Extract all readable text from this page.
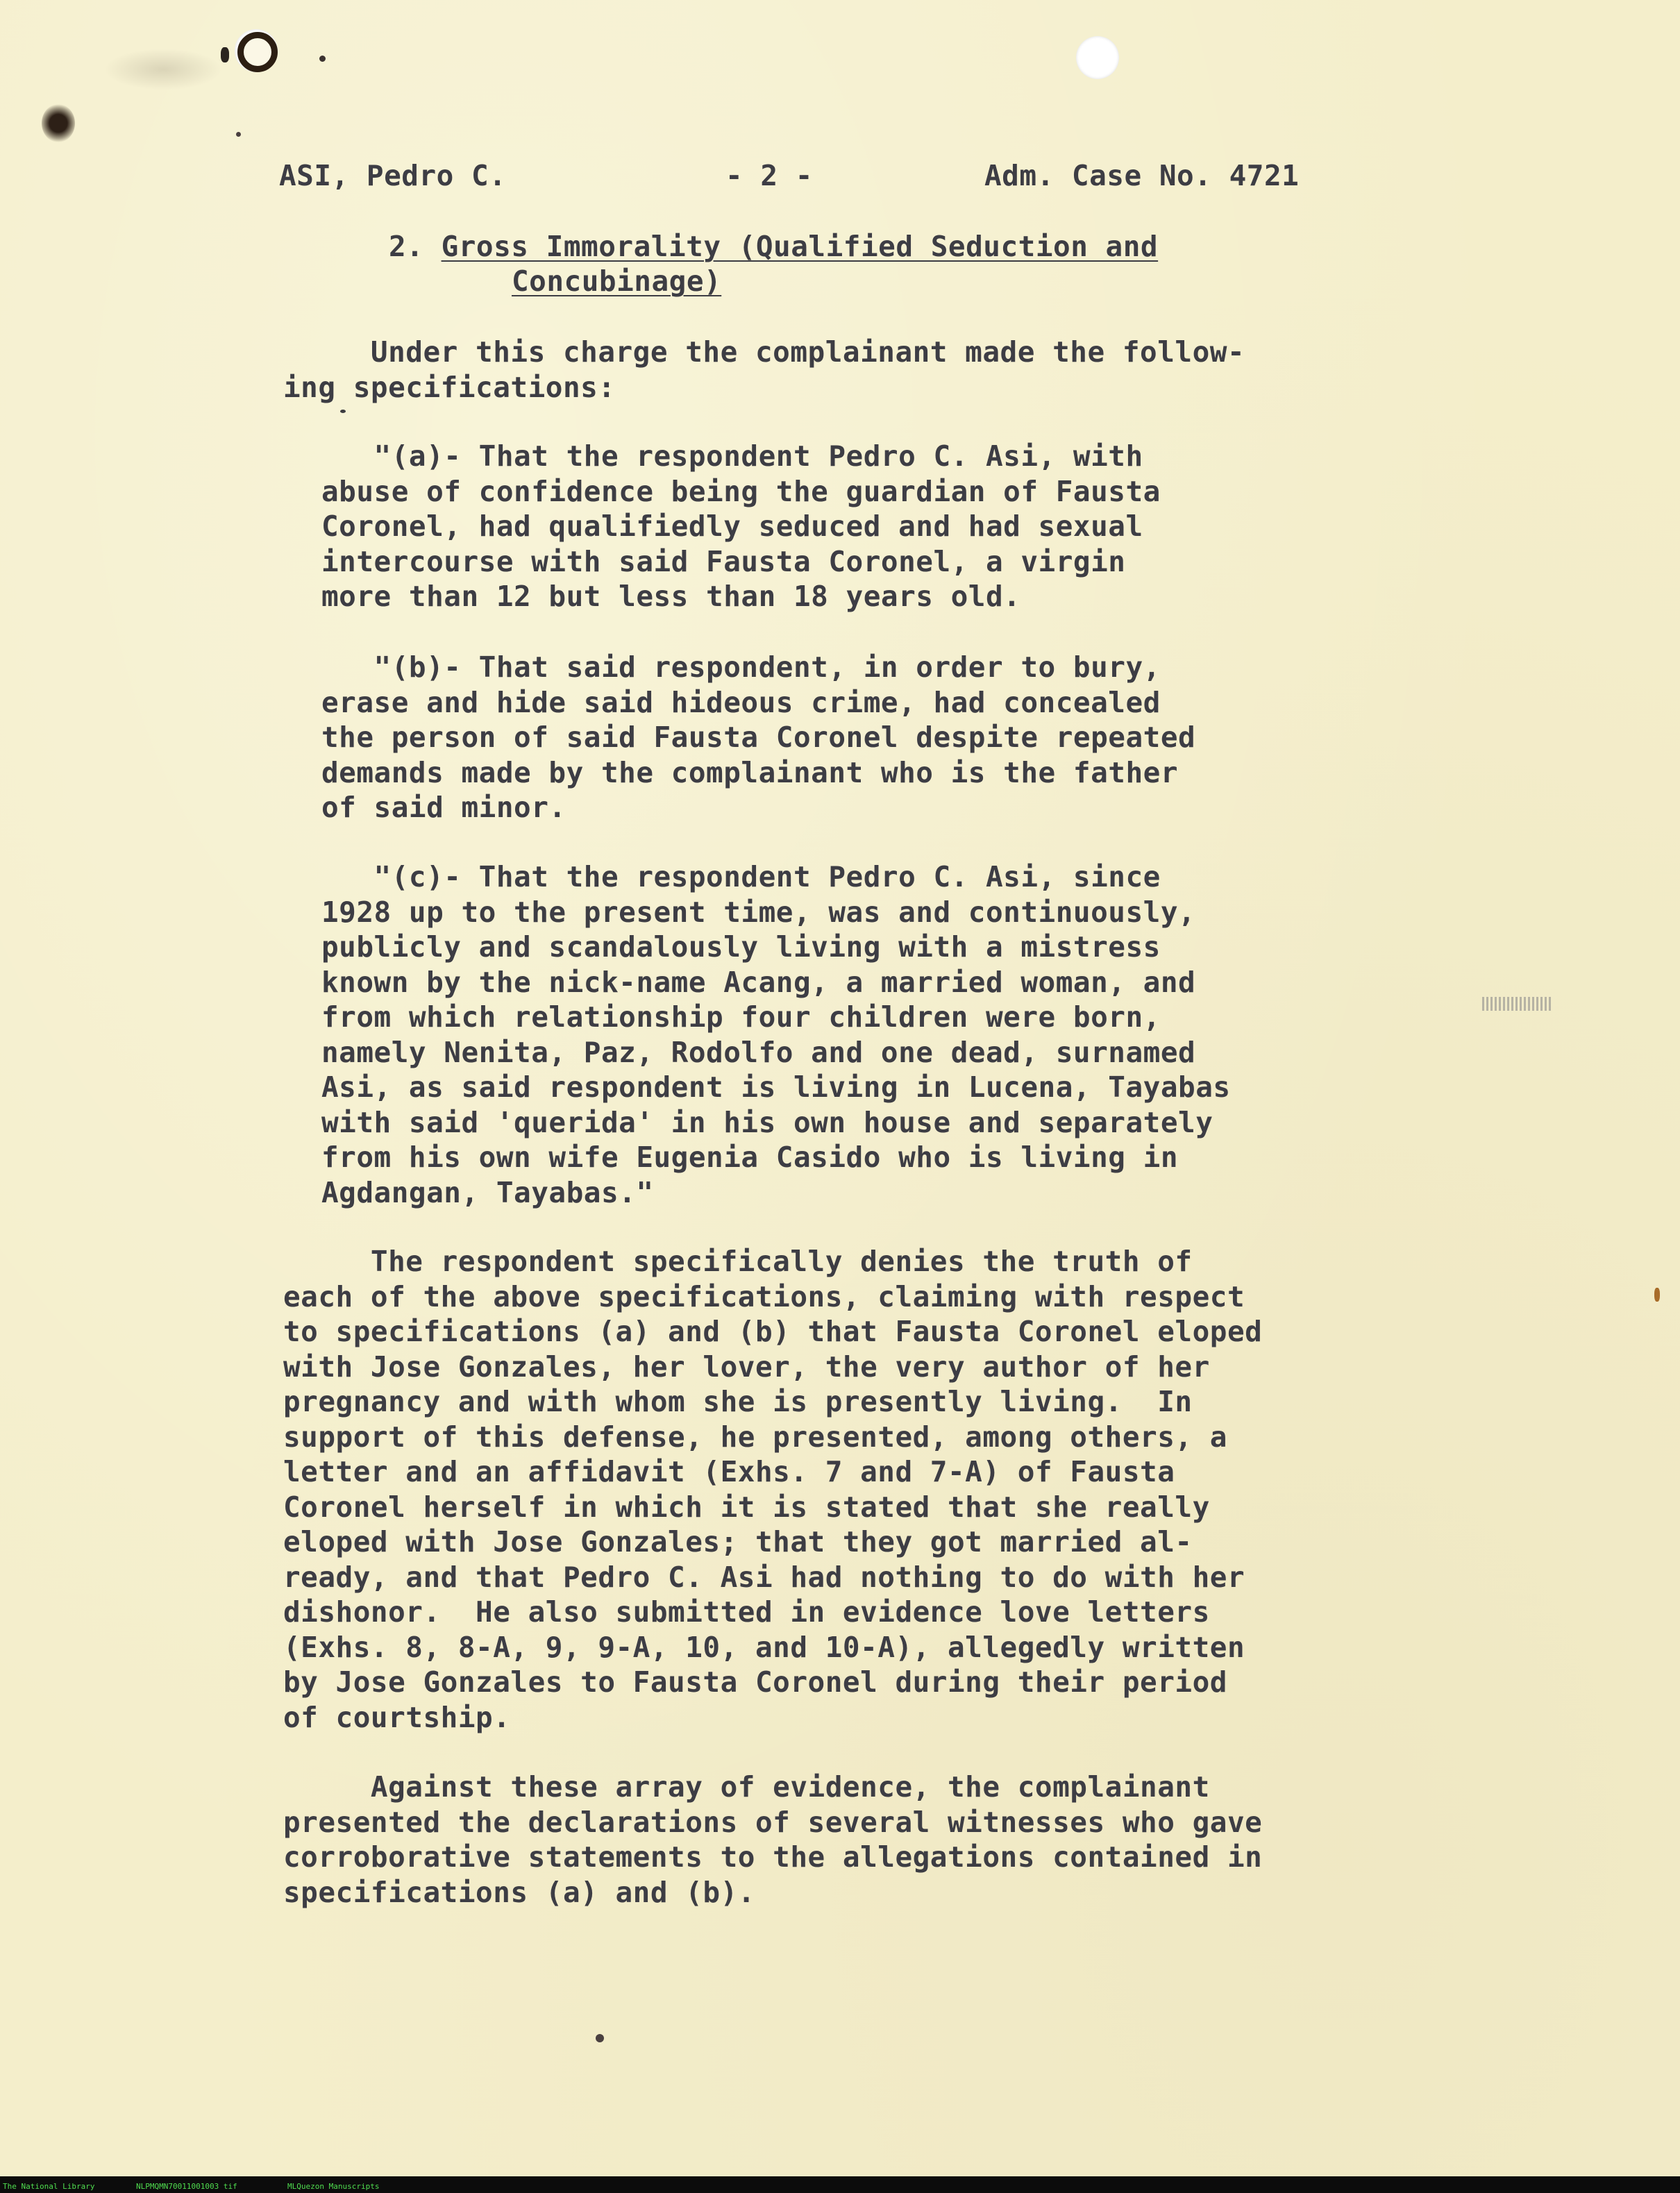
ASI, Pedro C.	- 2 -	Adm. Case No. 4721

2. Gross Immorality (Qualified Seduction and

Concubinage)

Under this charge the complainant made the follow-
ing specifications:

"(a)- That the respondent Pedro C. Asi, with
abuse of confidence being the guardian of Fausta
Coronel, had qualifiedly seduced and had sexual
intercourse with said Fausta Coronel, a virgin
more than 12 but less than 18 years old.

"(b)- That said respondent, in order to bury,
erase and hide said hideous crime, had concealed
the person of said Fausta Coronel despite repeated
demands made by the complainant who is the father
of said minor.

"(c)- That the respondent Pedro C. Asi, since
1928 up to the present time, was and continuously,
publicly and scandalously living with a mistress
known by the nick-name Acang, a married woman, and
from which relationship four children were born,
namely Nenita, Paz, Rodolfo and one dead, surnamed
Asi, as said respondent is living in Lucena, Tayabas
with said 'querida' in his own house and separately
from his own wife Eugenia Casido who is living in
Agdangan, Tayabas."

The respondent specifically denies the truth of
each of the above specifications, claiming with respect
to specifications (a) and (b) that Fausta Coronel eloped
with Jose Gonzales, her lover, the very author of her
pregnancy and with whom she is presently living.  In
support of this defense, he presented, among others, a
letter and an affidavit (Exhs. 7 and 7-A) of Fausta
Coronel herself in which it is stated that she really
eloped with Jose Gonzales; that they got married al-
ready, and that Pedro C. Asi had nothing to do with her
dishonor.  He also submitted in evidence love letters
(Exhs. 8, 8-A, 9, 9-A, 10, and 10-A), allegedly written
by Jose Gonzales to Fausta Coronel during their period
of courtship.

Against these array of evidence, the complainant
presented the declarations of several witnesses who gave
corroborative statements to the allegations contained in
specifications (a) and (b).

The National Library	NLPMQMN70011001003 tif	MLQuezon Manuscripts
